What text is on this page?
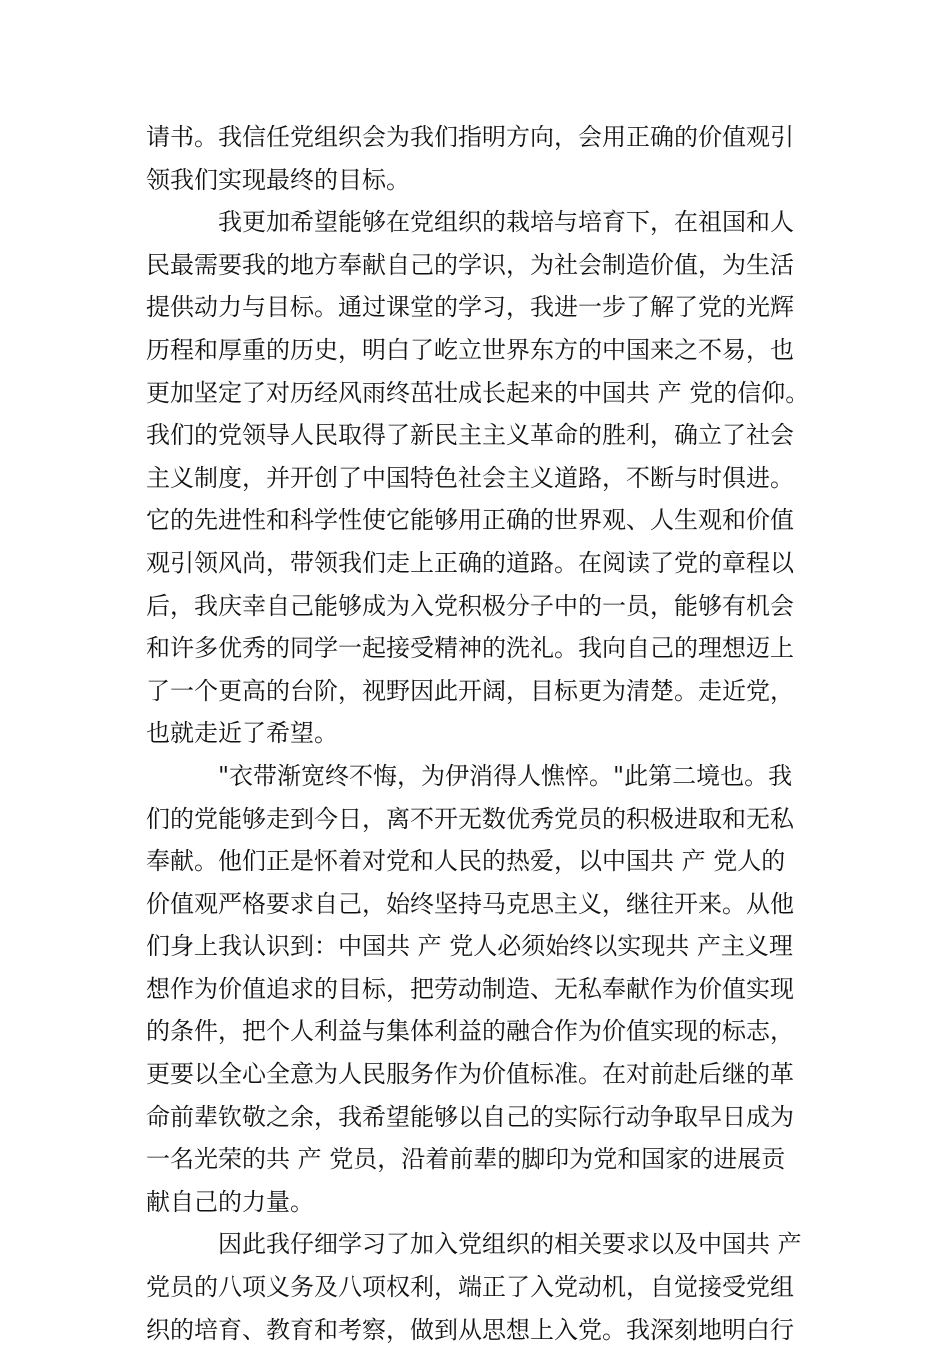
请书。我信任党组织会为我们指明方向，会用正确的价值观引
领我们实现最终的目标。
我更加希望能够在党组织的栽培与培育下，在祖国和人
民最需要我的地方奉献自己的学识，为社会制造价值，为生活
提供动力与目标。通过课堂的学习，我进一步了解了党的光辉
历程和厚重的历史，明白了屹立世界东方的中国来之不易，也
更加坚定了对历经风雨终茁壮成长起来的中国共 产 党的信仰。
我们的党领导人民取得了新民主主义革命的胜利，确立了社会
主义制度，并开创了中国特色社会主义道路，不断与时俱进。
它的先进性和科学性使它能够用正确的世界观、人生观和价值
观引领风尚，带领我们走上正确的道路。在阅读了党的章程以
后，我庆幸自己能够成为入党积极分子中的一员，能够有机会
和许多优秀的同学一起接受精神的洗礼。我向自己的理想迈上
了一个更高的台阶，视野因此开阔，目标更为清楚。走近党，
也就走近了希望。
"衣带渐宽终不悔，为伊消得人憔悴。"此第二境也。我
们的党能够走到今日，离不开无数优秀党员的积极进取和无私
奉献。他们正是怀着对党和人民的热爱，以中国共 产 党人的
价值观严格要求自己，始终坚持马克思主义，继往开来。从他
们身上我认识到：中国共 产 党人必须始终以实现共 产主义理
想作为价值追求的目标，把劳动制造、无私奉献作为价值实现
的条件，把个人利益与集体利益的融合作为价值实现的标志，
更要以全心全意为人民服务作为价值标准。在对前赴后继的革
命前辈钦敬之余，我希望能够以自己的实际行动争取早日成为
一名光荣的共 产 党员，沿着前辈的脚印为党和国家的进展贡
献自己的力量。
因此我仔细学习了加入党组织的相关要求以及中国共 产
党员的八项义务及八项权利，端正了入党动机，自觉接受党组
织的培育、教育和考察，做到从思想上入党。我深刻地明白行
